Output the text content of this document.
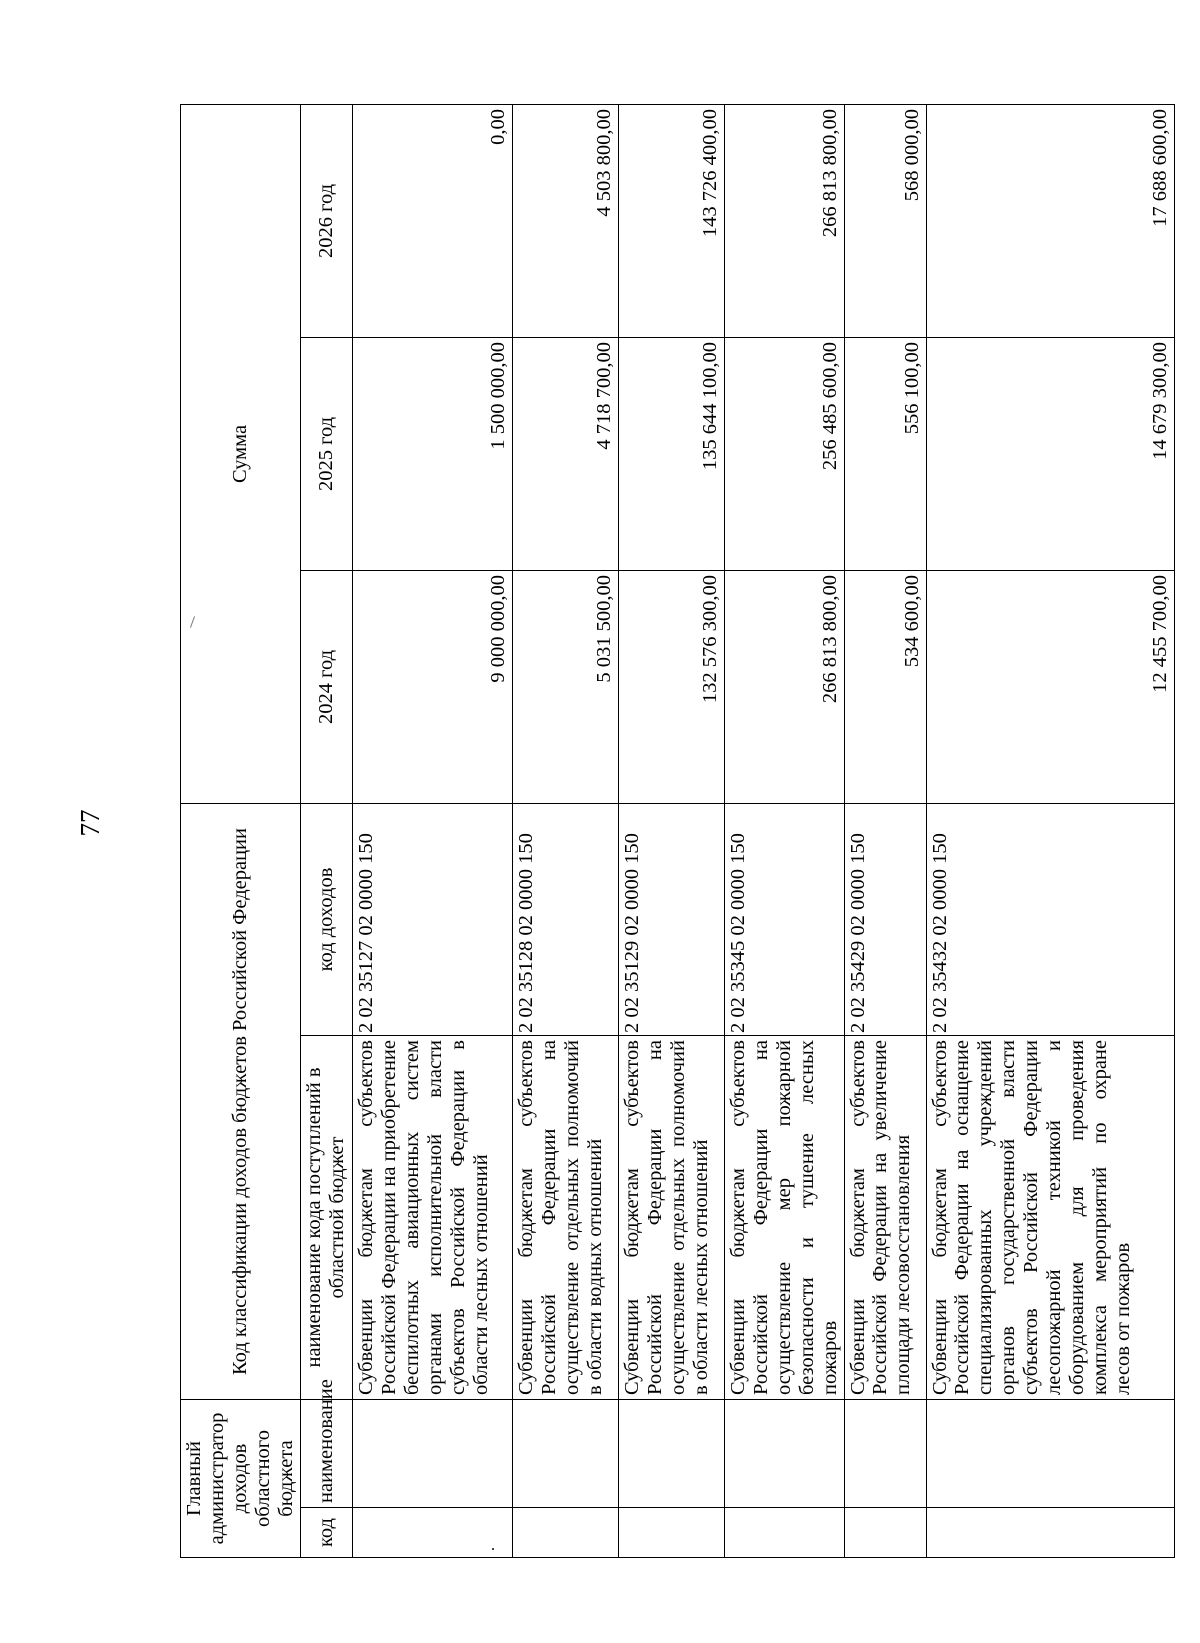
77
Главный администратор доходов областного бюджета		Код классификации доходов бюджетов Российской Федерации		Сумма		
код	наименование	наименование кода поступлений в областной бюджет	код доходов	2024 год	2025 год	2026 год
		Субвенции бюджетам субъектов Российской Федерации на приобретение беспилотных авиационных систем органами исполнительной власти субъектов Российской Федерации в области лесных отношений	2 02 35127 02 0000 150	9 000 000,00	1 500 000,00	0,00
		Субвенции бюджетам субъектов Российской Федерации на осуществление отдельных полномочий в области водных отношений	2 02 35128 02 0000 150	5 031 500,00	4 718 700,00	4 503 800,00
		Субвенции бюджетам субъектов Российской Федерации на осуществление отдельных полномочий в области лесных отношений	2 02 35129 02 0000 150	132 576 300,00	135 644 100,00	143 726 400,00
		Субвенции бюджетам субъектов Российской Федерации на осуществление мер пожарной безопасности и тушение лесных пожаров	2 02 35345 02 0000 150	266 813 800,00	256 485 600,00	266 813 800,00
		Субвенции бюджетам субъектов Российской Федерации на увеличение площади лесовосстановления	2 02 35429 02 0000 150	534 600,00	556 100,00	568 000,00
		Субвенции бюджетам субъектов Российской Федерации на оснащение специализированных учреждений органов государственной власти субъектов Российской Федерации лесопожарной техникой и оборудованием для проведения комплекса мероприятий по охране лесов от пожаров	2 02 35432 02 0000 150	12 455 700,00	14 679 300,00	17 688 600,00
